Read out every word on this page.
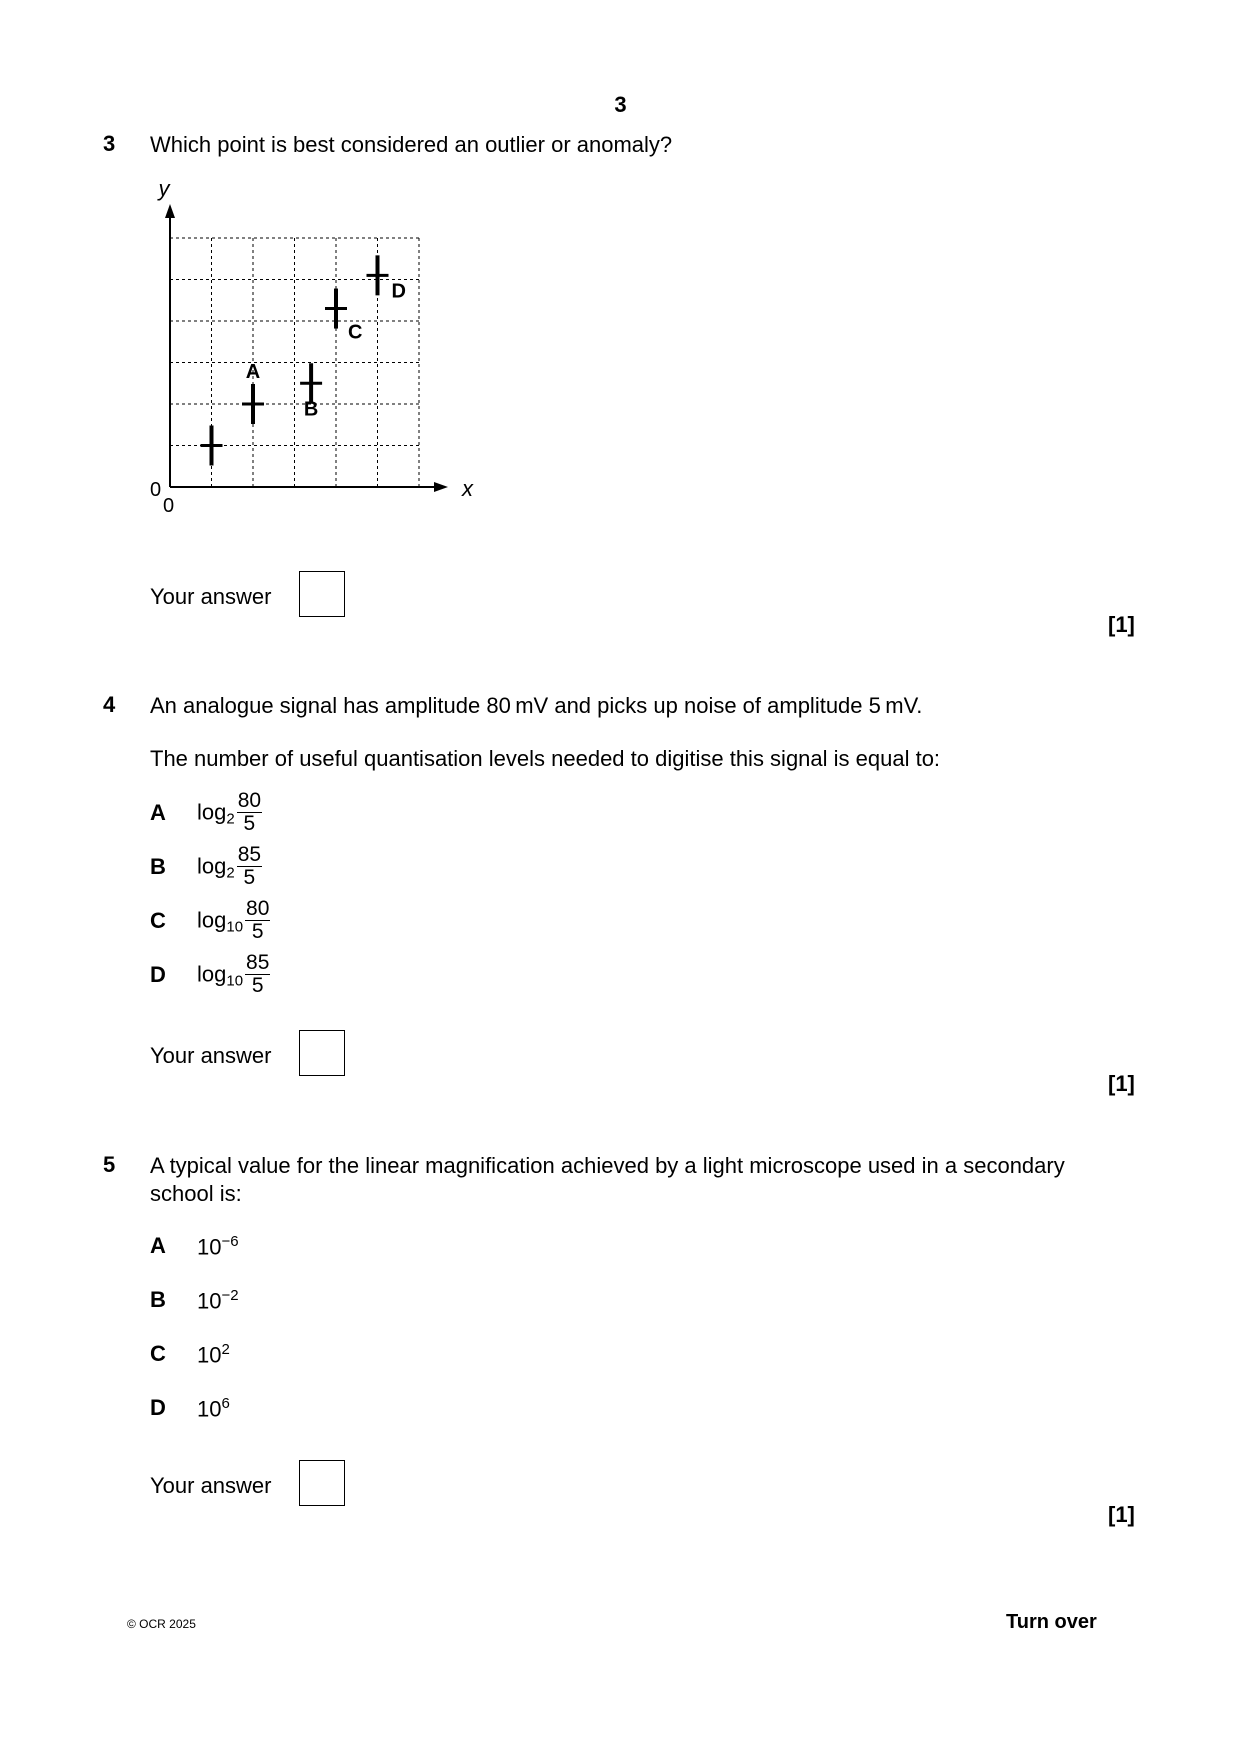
3
3 Which point is best considered an outlier or anomaly?
y
x
0
0
A
B
C
D
Your answer
[1]
4 An analogue signal has amplitude 80 mV and picks up noise of amplitude 5 mV.
The number of useful quantisation levels needed to digitise this signal is equal to:
A $\log_2 \frac{80}{5}$
B $\log_2 \frac{85}{5}$
C $\log_{10} \frac{80}{5}$
D $\log_{10} \frac{85}{5}$
Your answer
[1]
5 A typical value for the linear magnification achieved by a light microscope used in a secondary
school is:
A $10^{-6}$
B $10^{-2}$
C $10^2$
D $10^6$
Your answer
[1]
© OCR 2025	Turn over
